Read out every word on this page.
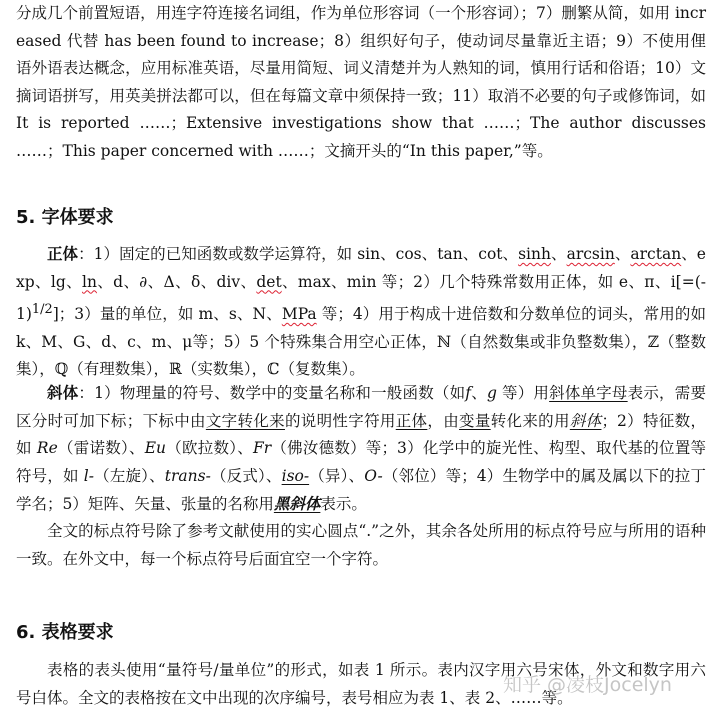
分成几个前置短语，用连字符连接名词组，作为单位形容词（一个形容词）；7）删繁从简，如用 increased 代替 has been found to increase；8）组织好句子，使动词尽量靠近主语；9）不使用俚语外语表达概念，应用标准英语，尽量用简短、词义清楚并为人熟知的词，慎用行话和俗语；10）文摘词语拼写，用英美拼法都可以，但在每篇文章中须保持一致；11）取消不必要的句子或修饰词，如 It is reported ……；Extensive investigations show that ……；The author discusses ……；This paper concerned with ……；文摘开头的“In this paper,”等。
5. 字体要求
正体：1）固定的已知函数或数学运算符，如 sin、cos、tan、cot、sinh、arcsin、arctan、exp、lg、ln、d、∂、Δ、δ、div、det、max、min 等；2）几个特殊常数用正体，如 e、π、$i[=(-1)^{1/2}]$；3）量的单位，如 m、s、N、MPa 等；4）用于构成十进倍数和分数单位的词头，常用的如 k、M、G、d、c、m、μ等；5）5 个特殊集合用空心正体，ℕ（自然数集或非负整数集），ℤ（整数集），ℚ（有理数集），ℝ（实数集），ℂ（复数集）。
斜体：1）物理量的符号、数学中的变量名称和一般函数（如f、g 等）用斜体单字母表示，需要区分时可加下标；下标中由文字转化来的说明性字符用正体，由变量转化来的用斜体；2）特征数，如 Re（雷诺数）、Eu（欧拉数）、Fr（佛汝德数）等；3）化学中的旋光性、构型、取代基的位置等符号，如 l-（左旋）、trans-（反式）、iso-（异）、O-（邻位）等；4）生物学中的属及属以下的拉丁学名；5）矩阵、矢量、张量的名称用黑斜体表示。
全文的标点符号除了参考文献使用的实心圆点“.”之外，其余各处所用的标点符号应与所用的语种一致。在外文中，每一个标点符号后面宜空一个字符。
6. 表格要求
表格的表头使用“量符号/量单位”的形式，如表 1 所示。表内汉字用六号宋体，外文和数字用六号白体。全文的表格按在文中出现的次序编号，表号相应为表 1、表 2、……等。
知乎 @凌枝Jocelyn
